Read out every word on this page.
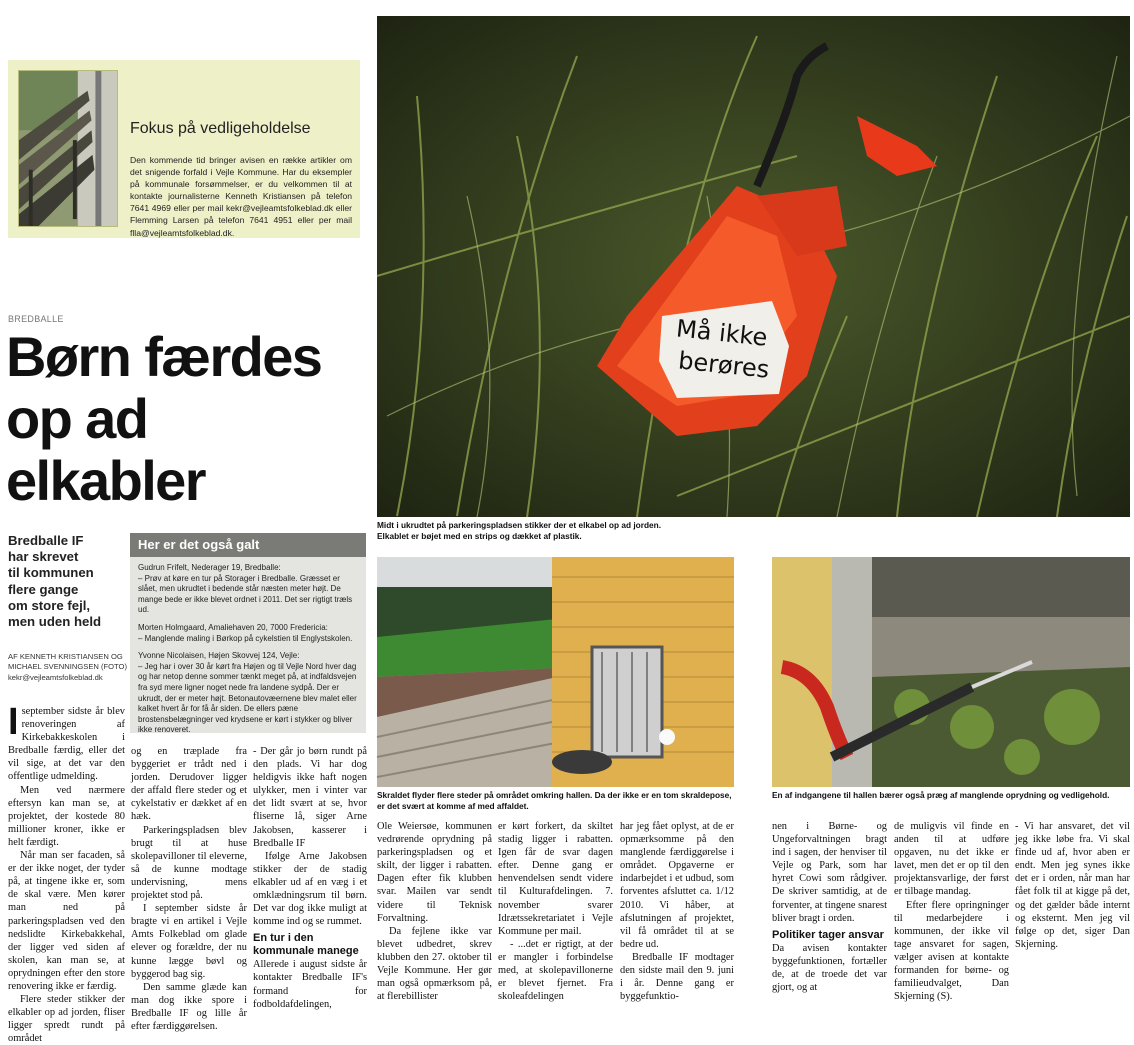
Fokus på vedligeholdelse
Den kommende tid bringer avisen en række artikler om det snigende forfald i Vejle Kommune. Har du eksempler på kommunale forsømmelser, er du velkommen til at kontakte journalisterne Kenneth Kristiansen på telefon 7641 4969 eller per mail kekr@vejleamtsfolkeblad.dk eller Flemming Larsen på telefon 7641 4951 eller per mail flla@vejleamtsfolkeblad.dk.
BREDBALLE
Børn færdes
op ad
elkabler
Bredballe IF
har skrevet
til kommunen
flere gange
om store fejl,
men uden held
AF KENNETH KRISTIANSEN OG
MICHAEL SVENNINGSEN (FOTO)
kekr@vejleamtsfolkeblad.dk
Her er det også galt
Gudrun Frifelt, Nederager 19, Bredballe:
– Prøv at køre en tur på Storager i Bredballe. Græsset er slået, men ukrudtet i bedende står næsten meter højt. De mange bede er ikke blevet ordnet i 2011. Det ser rigtigt træls ud.
Morten Holmgaard, Amaliehaven 20, 7000 Fredericia:
– Manglende maling i Børkop på cykelstien til Englystskolen.
Yvonne Nicolaisen, Højen Skovvej 124, Vejle:
– Jeg har i over 30 år kørt fra Højen og til Vejle Nord hver dag og har netop denne sommer tænkt meget på, at indfaldsvejen fra syd mere ligner noget nede fra landene sydpå. Der er ukrudt, der er meter højt. Betonautovæernene blev malet eller kalket hvert år for få år siden. De ellers pæne brostensbelægninger ved krydsene er kørt i stykker og bliver ikke renoveret.
Må ikke
berøres
Midt i ukrudtet på parkeringspladsen stikker der et elkabel op ad jorden.
Elkablet er bøjet med en strips og dækket af plastik.
Skraldet flyder flere steder på området omkring hallen. Da der ikke er en tom skraldepose,
er det svært at komme af med affaldet.
En af indgangene til hallen bærer også præg af manglende oprydning og vedligehold.

Iseptember sidste år blev renoveringen af Kirkebakkeskolen i Bredballe færdig, eller det vil sige, at det var den offentlige udmelding.

Men ved nærmere eftersyn kan man se, at projektet, der kostede 80 millioner kroner, ikke er helt færdigt.

Når man ser facaden, så er der ikke noget, der tyder på, at tingene ikke er, som de skal være. Men kører man ned på parkeringspladsen ved den nedslidte Kirkebakkehal, der ligger ved siden af skolen, kan man se, at oprydningen efter den store renovering ikke er færdig.

Flere steder stikker der elkabler op ad jorden, fliser ligger spredt rundt på området

og en træplade fra byggeriet er trådt ned i jorden. Derudover ligger der affald flere steder og et cykelstativ er dækket af en hæk.

Parkeringspladsen blev brugt til at huse skolepavilloner til eleverne, så de kunne modtage undervisning, mens projektet stod på.

I september sidste år bragte vi en artikel i Vejle Amts Folkeblad om glade elever og forældre, der nu kunne lægge bøvl og byggerod bag sig.

Den samme glæde kan man dog ikke spore i Bredballe IF og lille år efter færdiggørelsen.

- Der går jo børn rundt på den plads. Vi har dog heldigvis ikke haft nogen ulykker, men i vinter var det lidt svært at se, hvor fliserne lå, siger Arne Jakobsen, kasserer i Bredballe IF

Ifølge Arne Jakobsen stikker der de stadig elkabler ud af en væg i et omklædningsrum til børn. Det var dog ikke muligt at komme ind og se rummet.

En tur i den kommunale manege

Allerede i august sidste år kontakter Bredballe IF's formand for fodboldafdelingen,

Ole Weiersøe, kommunen vedrørende oprydning på parkeringspladsen og et skilt, der ligger i rabatten. Dagen efter fik klubben svar. Mailen var sendt videre til Teknisk Forvaltning.

Da fejlene ikke var blevet udbedret, skrev klubben den 27. oktober til Vejle Kommune. Her gør man også opmærksom på, at flerebillister

er kørt forkert, da skiltet stadig ligger i rabatten. Igen får de svar dagen efter. Denne gang er henvendelsen sendt videre til Kulturafdelingen. 7. november svarer Idrætssekretariatet i Vejle Kommune per mail.

- ...det er rigtigt, at der er mangler i forbindelse med, at skolepavillonerne er blevet fjernet. Fra skoleafdelingen

har jeg fået oplyst, at de er opmærksomme på den manglende færdiggørelse i området. Opgaverne er indarbejdet i et udbud, som forventes afsluttet ca. 1/12 2010. Vi håber, at afslutningen af projektet, vil få området til at se bedre ud.

Bredballe IF modtager den sidste mail den 9. juni i år. Denne gang er byggefunktio-

nen i Børne- og Ungeforvaltningen bragt ind i sagen, der henviser til Vejle og Park, som har hyret Cowi som rådgiver. De skriver samtidig, at de forventer, at tingene snarest bliver bragt i orden.

Politiker tager ansvar

Da avisen kontakter byggefunktionen, fortæller de, at de troede det var gjort, og at

de muligvis vil finde en anden til at udføre opgaven, nu det ikke er lavet, men det er op til den projektansvarlige, der først er tilbage mandag.

Efter flere opringninger til medarbejdere i kommunen, der ikke vil tage ansvaret for sagen, vælger avisen at kontakte formanden for børne- og familieudvalget, Dan Skjerning (S).

- Vi har ansvaret, det vil jeg ikke løbe fra. Vi skal finde ud af, hvor aben er endt. Men jeg synes ikke det er i orden, når man har fået folk til at kigge på det, og det gælder både internt og eksternt. Men jeg vil følge op det, siger Dan Skjerning.
